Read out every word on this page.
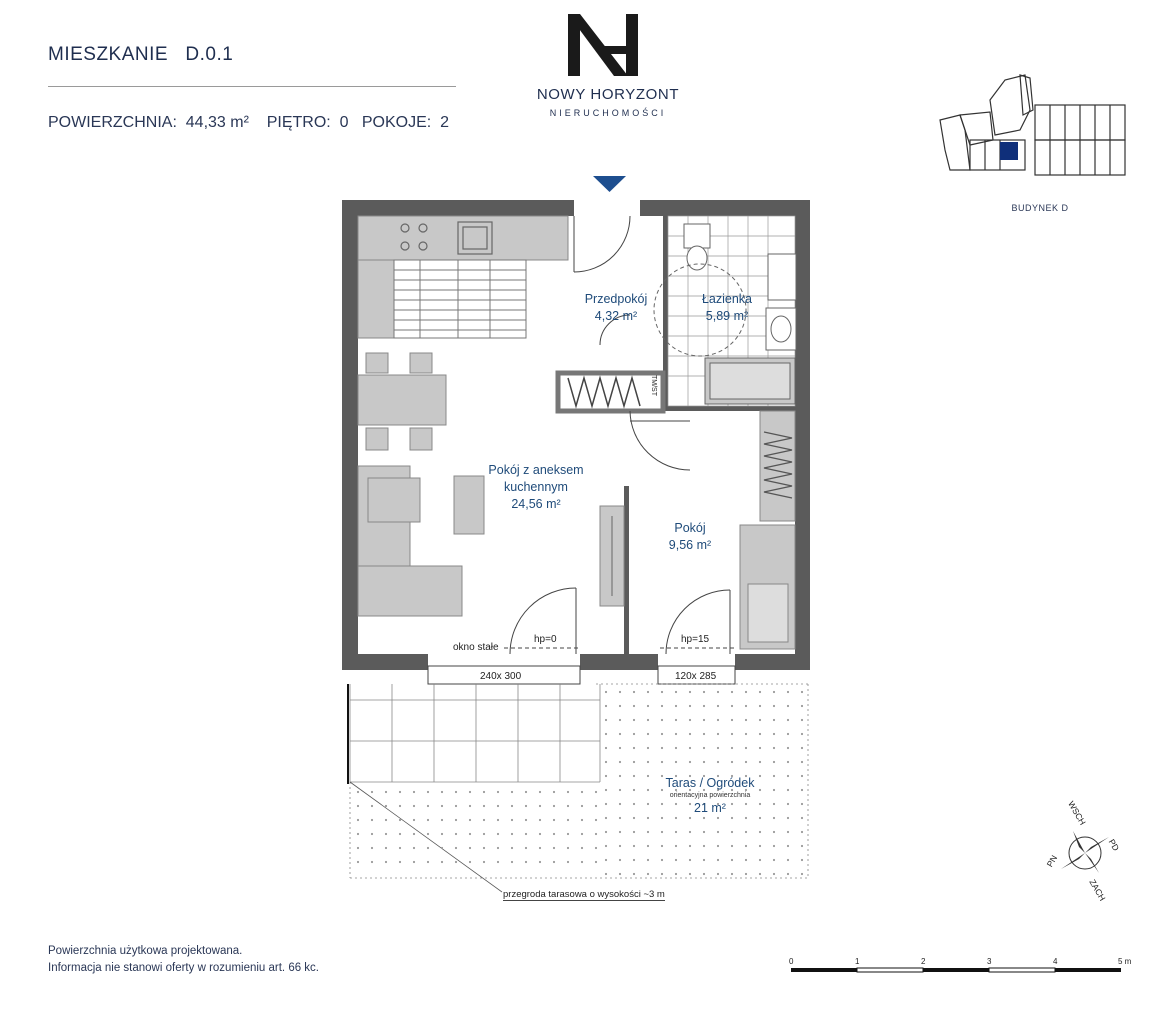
MIESZKANIE   D.0.1
POWIERZCHNIA:  44,33 m² PIĘTRO:  0 POKOJE:  2
NOWY HORYZONT
NIERUCHOMOŚCI
BUDYNEK D
Przedpokój
4,32 m²
Łazienka
5,89 m²
Pokój z aneksem
kuchennym
24,56 m²
Pokój
9,56 m²
Taras / Ogródek
orientacyjna powierzchnia
21 m²
okno stałe
hp=0	hp=15
240x 300	120x 285
przegroda tarasowa o wysokości ~3 m
TM/ST
WSCH
PD
PN
ZACH
Powierzchnia użytkowa projektowana.
Informacja nie stanowi oferty w rozumieniu art. 66 kc.
0	1	2	3	4	5 m
